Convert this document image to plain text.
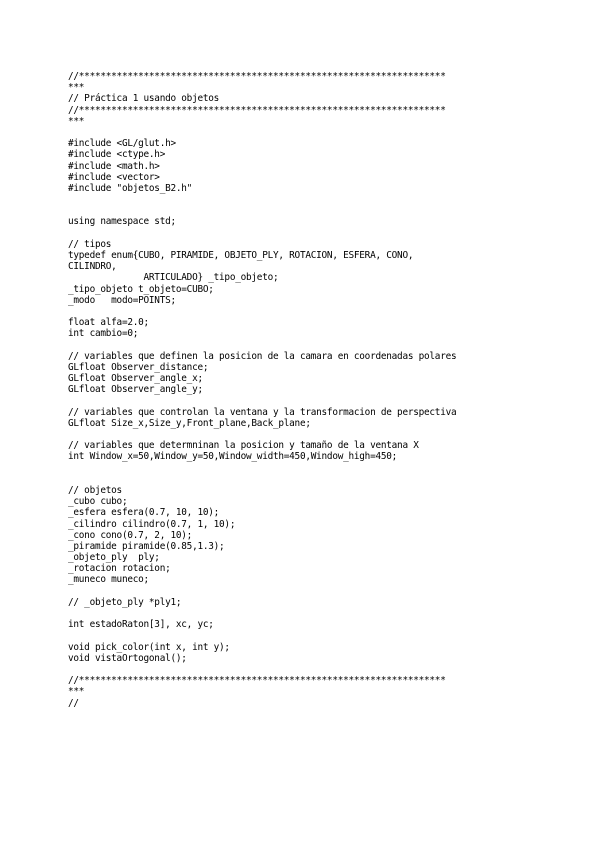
//********************************************************************
***
// Práctica 1 usando objetos
//********************************************************************
***
#include <GL/glut.h>
#include <ctype.h>
#include <math.h>
#include <vector>
#include "objetos_B2.h"
using namespace std;
// tipos
typedef enum{CUBO, PIRAMIDE, OBJETO_PLY, ROTACION, ESFERA, CONO,
CILINDRO,
ARTICULADO} _tipo_objeto;
_tipo_objeto t_objeto=CUBO;
_modo   modo=POINTS;
float alfa=2.0;
int cambio=0;
// variables que definen la posicion de la camara en coordenadas polares
GLfloat Observer_distance;
GLfloat Observer_angle_x;
GLfloat Observer_angle_y;
// variables que controlan la ventana y la transformacion de perspectiva
GLfloat Size_x,Size_y,Front_plane,Back_plane;
// variables que determninan la posicion y tamaño de la ventana X
int Window_x=50,Window_y=50,Window_width=450,Window_high=450;
// objetos
_cubo cubo;
_esfera esfera(0.7, 10, 10);
_cilindro cilindro(0.7, 1, 10);
_cono cono(0.7, 2, 10);
_piramide piramide(0.85,1.3);
_objeto_ply  ply;
_rotacion rotacion;
_muneco muneco;
// _objeto_ply *ply1;
int estadoRaton[3], xc, yc;
void pick_color(int x, int y);
void vistaOrtogonal();
//********************************************************************
***
//
